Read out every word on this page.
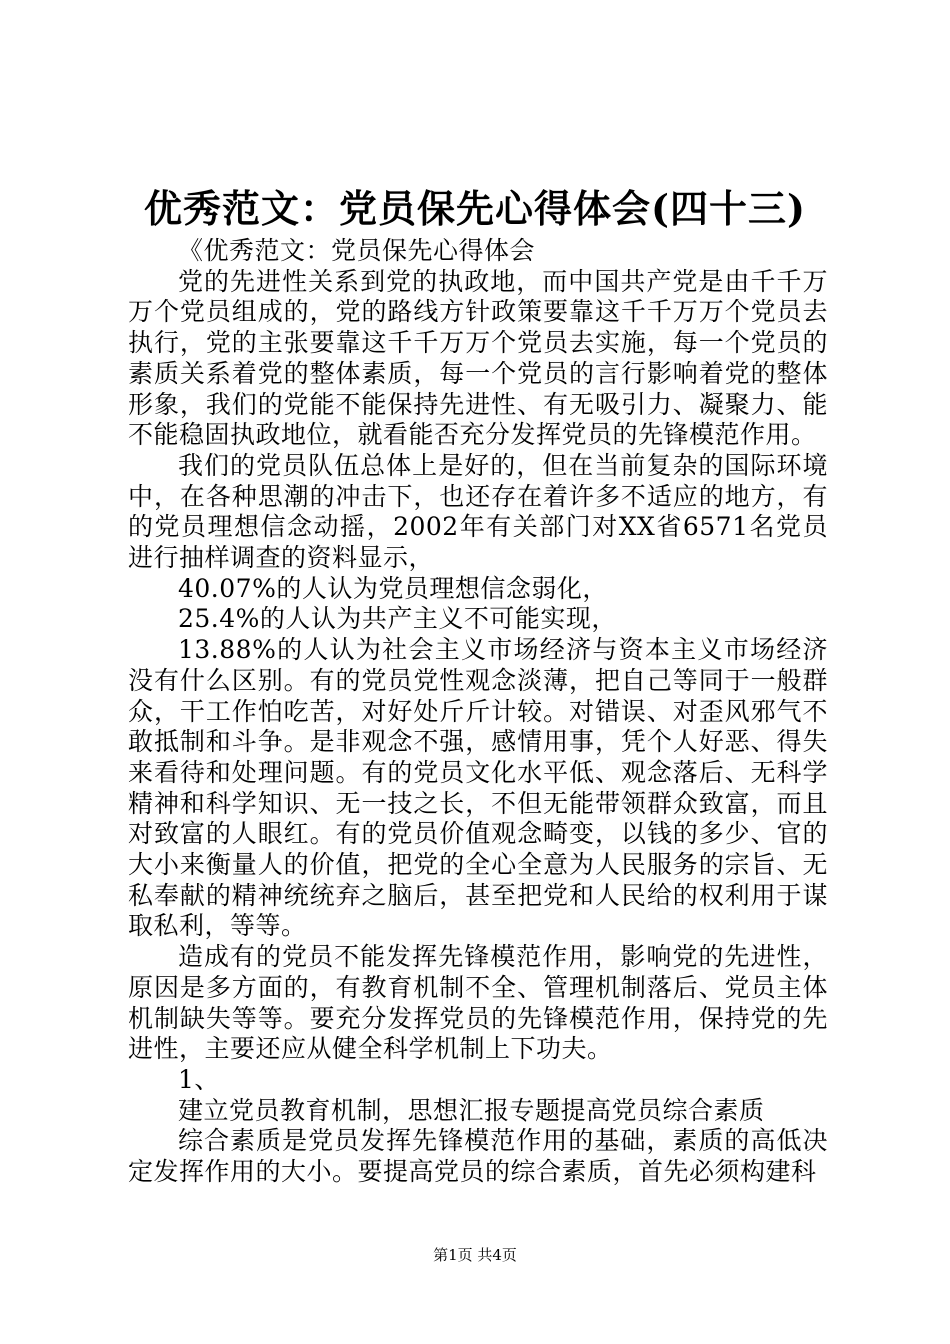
优秀范文：党员保先心得体会(四十三)

《优秀范文：党员保先心得体会

党的先进性关系到党的执政地，而中国共产党是由千千万万个党员组成的，党的路线方针政策要靠这千千万万个党员去执行，党的主张要靠这千千万万个党员去实施，每一个党员的素质关系着党的整体素质，每一个党员的言行影响着党的整体形象，我们的党能不能保持先进性、有无吸引力、凝聚力、能不能稳固执政地位，就看能否充分发挥党员的先锋模范作用。

我们的党员队伍总体上是好的，但在当前复杂的国际环境中，在各种思潮的冲击下，也还存在着许多不适应的地方，有的党员理想信念动摇，2002年有关部门对XX省6571名党员进行抽样调查的资料显示，

40.07%的人认为党员理想信念弱化，

25.4%的人认为共产主义不可能实现，

13.88%的人认为社会主义市场经济与资本主义市场经济没有什么区别。有的党员党性观念淡薄，把自己等同于一般群众，干工作怕吃苦，对好处斤斤计较。对错误、对歪风邪气不敢抵制和斗争。是非观念不强，感情用事，凭个人好恶、得失来看待和处理问题。有的党员文化水平低、观念落后、无科学精神和科学知识、无一技之长，不但无能带领群众致富，而且对致富的人眼红。有的党员价值观念畸变，以钱的多少、官的大小来衡量人的价值，把党的全心全意为人民服务的宗旨、无私奉献的精神统统弃之脑后，甚至把党和人民给的权利用于谋取私利，等等。

造成有的党员不能发挥先锋模范作用，影响党的先进性，原因是多方面的，有教育机制不全、管理机制落后、党员主体机制缺失等等。要充分发挥党员的先锋模范作用，保持党的先进性，主要还应从健全科学机制上下功夫。

1、

建立党员教育机制，思想汇报专题提高党员综合素质

综合素质是党员发挥先锋模范作用的基础，素质的高低决定发挥作用的大小。要提高党员的综合素质，首先必须构建科

第1页 共4页
